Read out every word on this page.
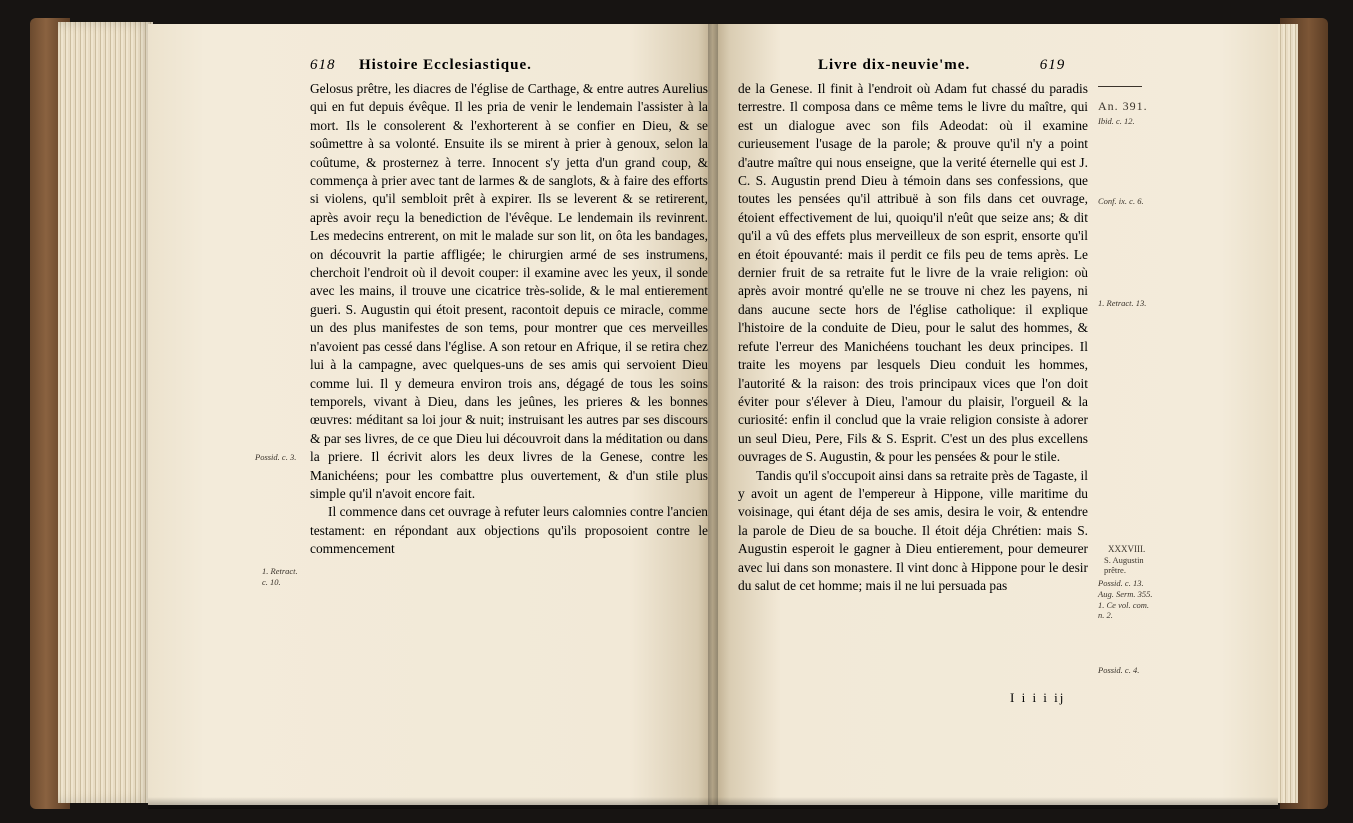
618 Histoire Ecclesiastique.

Gelosus prêtre, les diacres de l'église de Carthage, & entre autres Aurelius qui en fut depuis évêque. Il les pria de venir le lendemain l'assister à la mort. Ils le consolerent & l'exhorterent à se confier en Dieu, & se soûmettre à sa volonté. Ensuite ils se mirent à prier à genoux, selon la coûtume, & prosternez à terre. Innocent s'y jetta d'un grand coup, & commença à prier avec tant de larmes & de sanglots, & à faire des efforts si violens, qu'il sembloit prêt à expirer. Ils se leverent & se retirerent, après avoir reçu la benediction de l'évêque. Le lendemain ils revinrent. Les medecins entrerent, on mit le malade sur son lit, on ôta les bandages, on découvrit la partie affligée; le chirurgien armé de ses instrumens, cherchoit l'endroit où il devoit couper: il examine avec les yeux, il sonde avec les mains, il trouve une cicatrice très-solide, & le mal entierement gueri. S. Augustin qui étoit present, racontoit depuis ce miracle, comme un des plus manifestes de son tems, pour montrer que ces merveilles n'avoient pas cessé dans l'église. A son retour en Afrique, il se retira chez lui à la campagne, avec quelques-uns de ses amis qui servoient Dieu comme lui. Il y demeura environ trois ans, dégagé de tous les soins temporels, vivant à Dieu, dans les jeûnes, les prieres & les bonnes œuvres: méditant sa loi jour & nuit; instruisant les autres par ses discours & par ses livres, de ce que Dieu lui découvroit dans la méditation ou dans la priere. Il écrivit alors les deux livres de la Genese, contre les Manichéens; pour les combattre plus ouvertement, & d'un stile plus simple qu'il n'avoit encore fait.

Il commence dans cet ouvrage à refuter leurs calomnies contre l'ancien testament: en répondant aux objections qu'ils proposoient contre le commencement

Possid. c. 3.
1. Retract.
c. 10.
Livre dix-neuvie'me.	619

de la Genese. Il finit à l'endroit où Adam fut chassé du paradis terrestre. Il composa dans ce même tems le livre du maître, qui est un dialogue avec son fils Adeodat: où il examine curieusement l'usage de la parole; & prouve qu'il n'y a point d'autre maître qui nous enseigne, que la verité éternelle qui est J. C. S. Augustin prend Dieu à témoin dans ses confessions, que toutes les pensées qu'il attribuë à son fils dans cet ouvrage, étoient effectivement de lui, quoiqu'il n'eût que seize ans; & dit qu'il a vû des effets plus merveilleux de son esprit, ensorte qu'il en étoit épouvanté: mais il perdit ce fils peu de tems après. Le dernier fruit de sa retraite fut le livre de la vraie religion: où après avoir montré qu'elle ne se trouve ni chez les payens, ni dans aucune secte hors de l'église catholique: il explique l'histoire de la conduite de Dieu, pour le salut des hommes, & refute l'erreur des Manichéens touchant les deux principes. Il traite les moyens par lesquels Dieu conduit les hommes, l'autorité & la raison: des trois principaux vices que l'on doit éviter pour s'élever à Dieu, l'amour du plaisir, l'orgueil & la curiosité: enfin il conclud que la vraie religion consiste à adorer un seul Dieu, Pere, Fils & S. Esprit. C'est un des plus excellens ouvrages de S. Augustin, & pour les pensées & pour le stile.

Tandis qu'il s'occupoit ainsi dans sa retraite près de Tagaste, il y avoit un agent de l'empereur à Hippone, ville maritime du voisinage, qui étant déja de ses amis, desira le voir, & entendre la parole de Dieu de sa bouche. Il étoit déja Chrétien: mais S. Augustin esperoit le gagner à Dieu entierement, pour demeurer avec lui dans son monastere. Il vint donc à Hippone pour le desir du salut de cet homme; mais il ne lui persuada pas

An. 391.
Ibid. c. 12.
Conf. ix. c. 6.
1. Retract. 13.
XXXVIII.
S. Augustin
prêtre.
Possid. c. 13.
Aug. Serm. 355.
1. Ce vol. com.
n. 2.
Possid. c. 4.
I i i i ij
